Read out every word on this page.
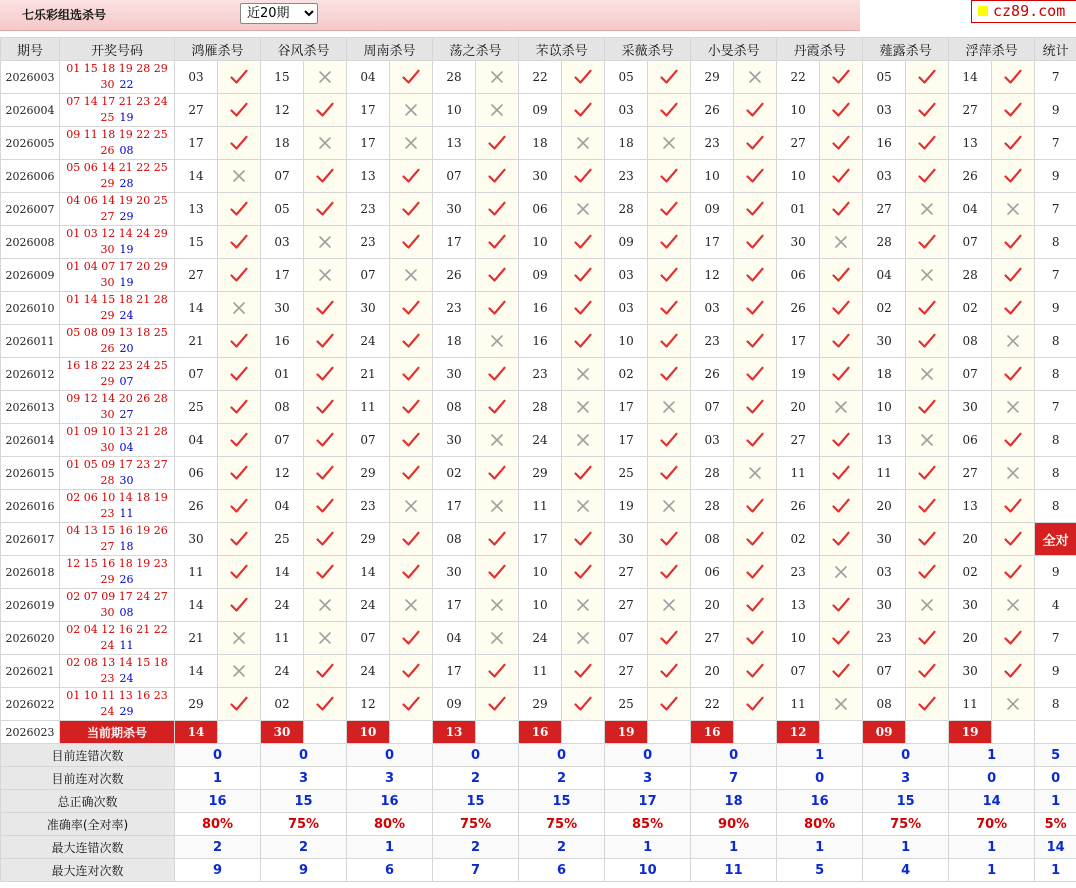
七乐彩组选杀号
近20期	cz89.com
期号	开奖号码	鸿雁杀号		谷风杀号		周南杀号		荡之杀号		芣苡杀号		采薇杀号		小旻杀号		丹霞杀号		薤露杀号		浮萍杀号		统计
2026003	01 15 18 19 28 29
30 22	03		15		04		28		22		05		29		22		05		14		7
2026004	07 14 17 21 23 24
25 19	27		12		17		10		09		03		26		10		03		27		9
2026005	09 11 18 19 22 25
26 08	17		18		17		13		18		18		23		27		16		13		7
2026006	05 06 14 21 22 25
29 28	14		07		13		07		30		23		10		10		03		26		9
2026007	04 06 14 19 20 25
27 29	13		05		23		30		06		28		09		01		27		04		7
2026008	01 03 12 14 24 29
30 19	15		03		23		17		10		09		17		30		28		07		8
2026009	01 04 07 17 20 29
30 19	27		17		07		26		09		03		12		06		04		28		7
2026010	01 14 15 18 21 28
29 24	14		30		30		23		16		03		03		26		02		02		9
2026011	05 08 09 13 18 25
26 20	21		16		24		18		16		10		23		17		30		08		8
2026012	16 18 22 23 24 25
29 07	07		01		21		30		23		02		26		19		18		07		8
2026013	09 12 14 20 26 28
30 27	25		08		11		08		28		17		07		20		10		30		7
2026014	01 09 10 13 21 28
30 04	04		07		07		30		24		17		03		27		13		06		8
2026015	01 05 09 17 23 27
28 30	06		12		29		02		29		25		28		11		11		27		8
2026016	02 06 10 14 18 19
23 11	26		04		23		17		11		19		28		26		20		13		8
2026017	04 13 15 16 19 26
27 18	30		25		29		08		17		30		08		02		30		20		全对
2026018	12 15 16 18 19 23
29 26	11		14		14		30		10		27		06		23		03		02		9
2026019	02 07 09 17 24 27
30 08	14		24		24		17		10		27		20		13		30		30		4
2026020	02 04 12 16 21 22
24 11	21		11		07		04		24		07		27		10		23		20		7
2026021	02 08 13 14 15 18
23 24	14		24		24		17		11		27		20		07		07		30		9
2026022	01 10 11 13 16 23
24 29	29		02		12		09		29		25		22		11		08		11		8
2026023	当前期杀号	14		30		10		13		16		19		16		12		09		19		
目前连错次数		0		0		0		0		0		0		0		1		0		1		5
目前连对次数		1		3		3		2		2		3		7		0		3		0		0
总正确次数		16		15		16		15		15		17		18		16		15		14		1
准确率(全对率)		80%		75%		80%		75%		75%		85%		90%		80%		75%		70%		5%
最大连错次数		2		2		1		2		2		1		1		1		1		1		14
最大连对次数		9		9		6		7		6		10		11		5		4		1		1
